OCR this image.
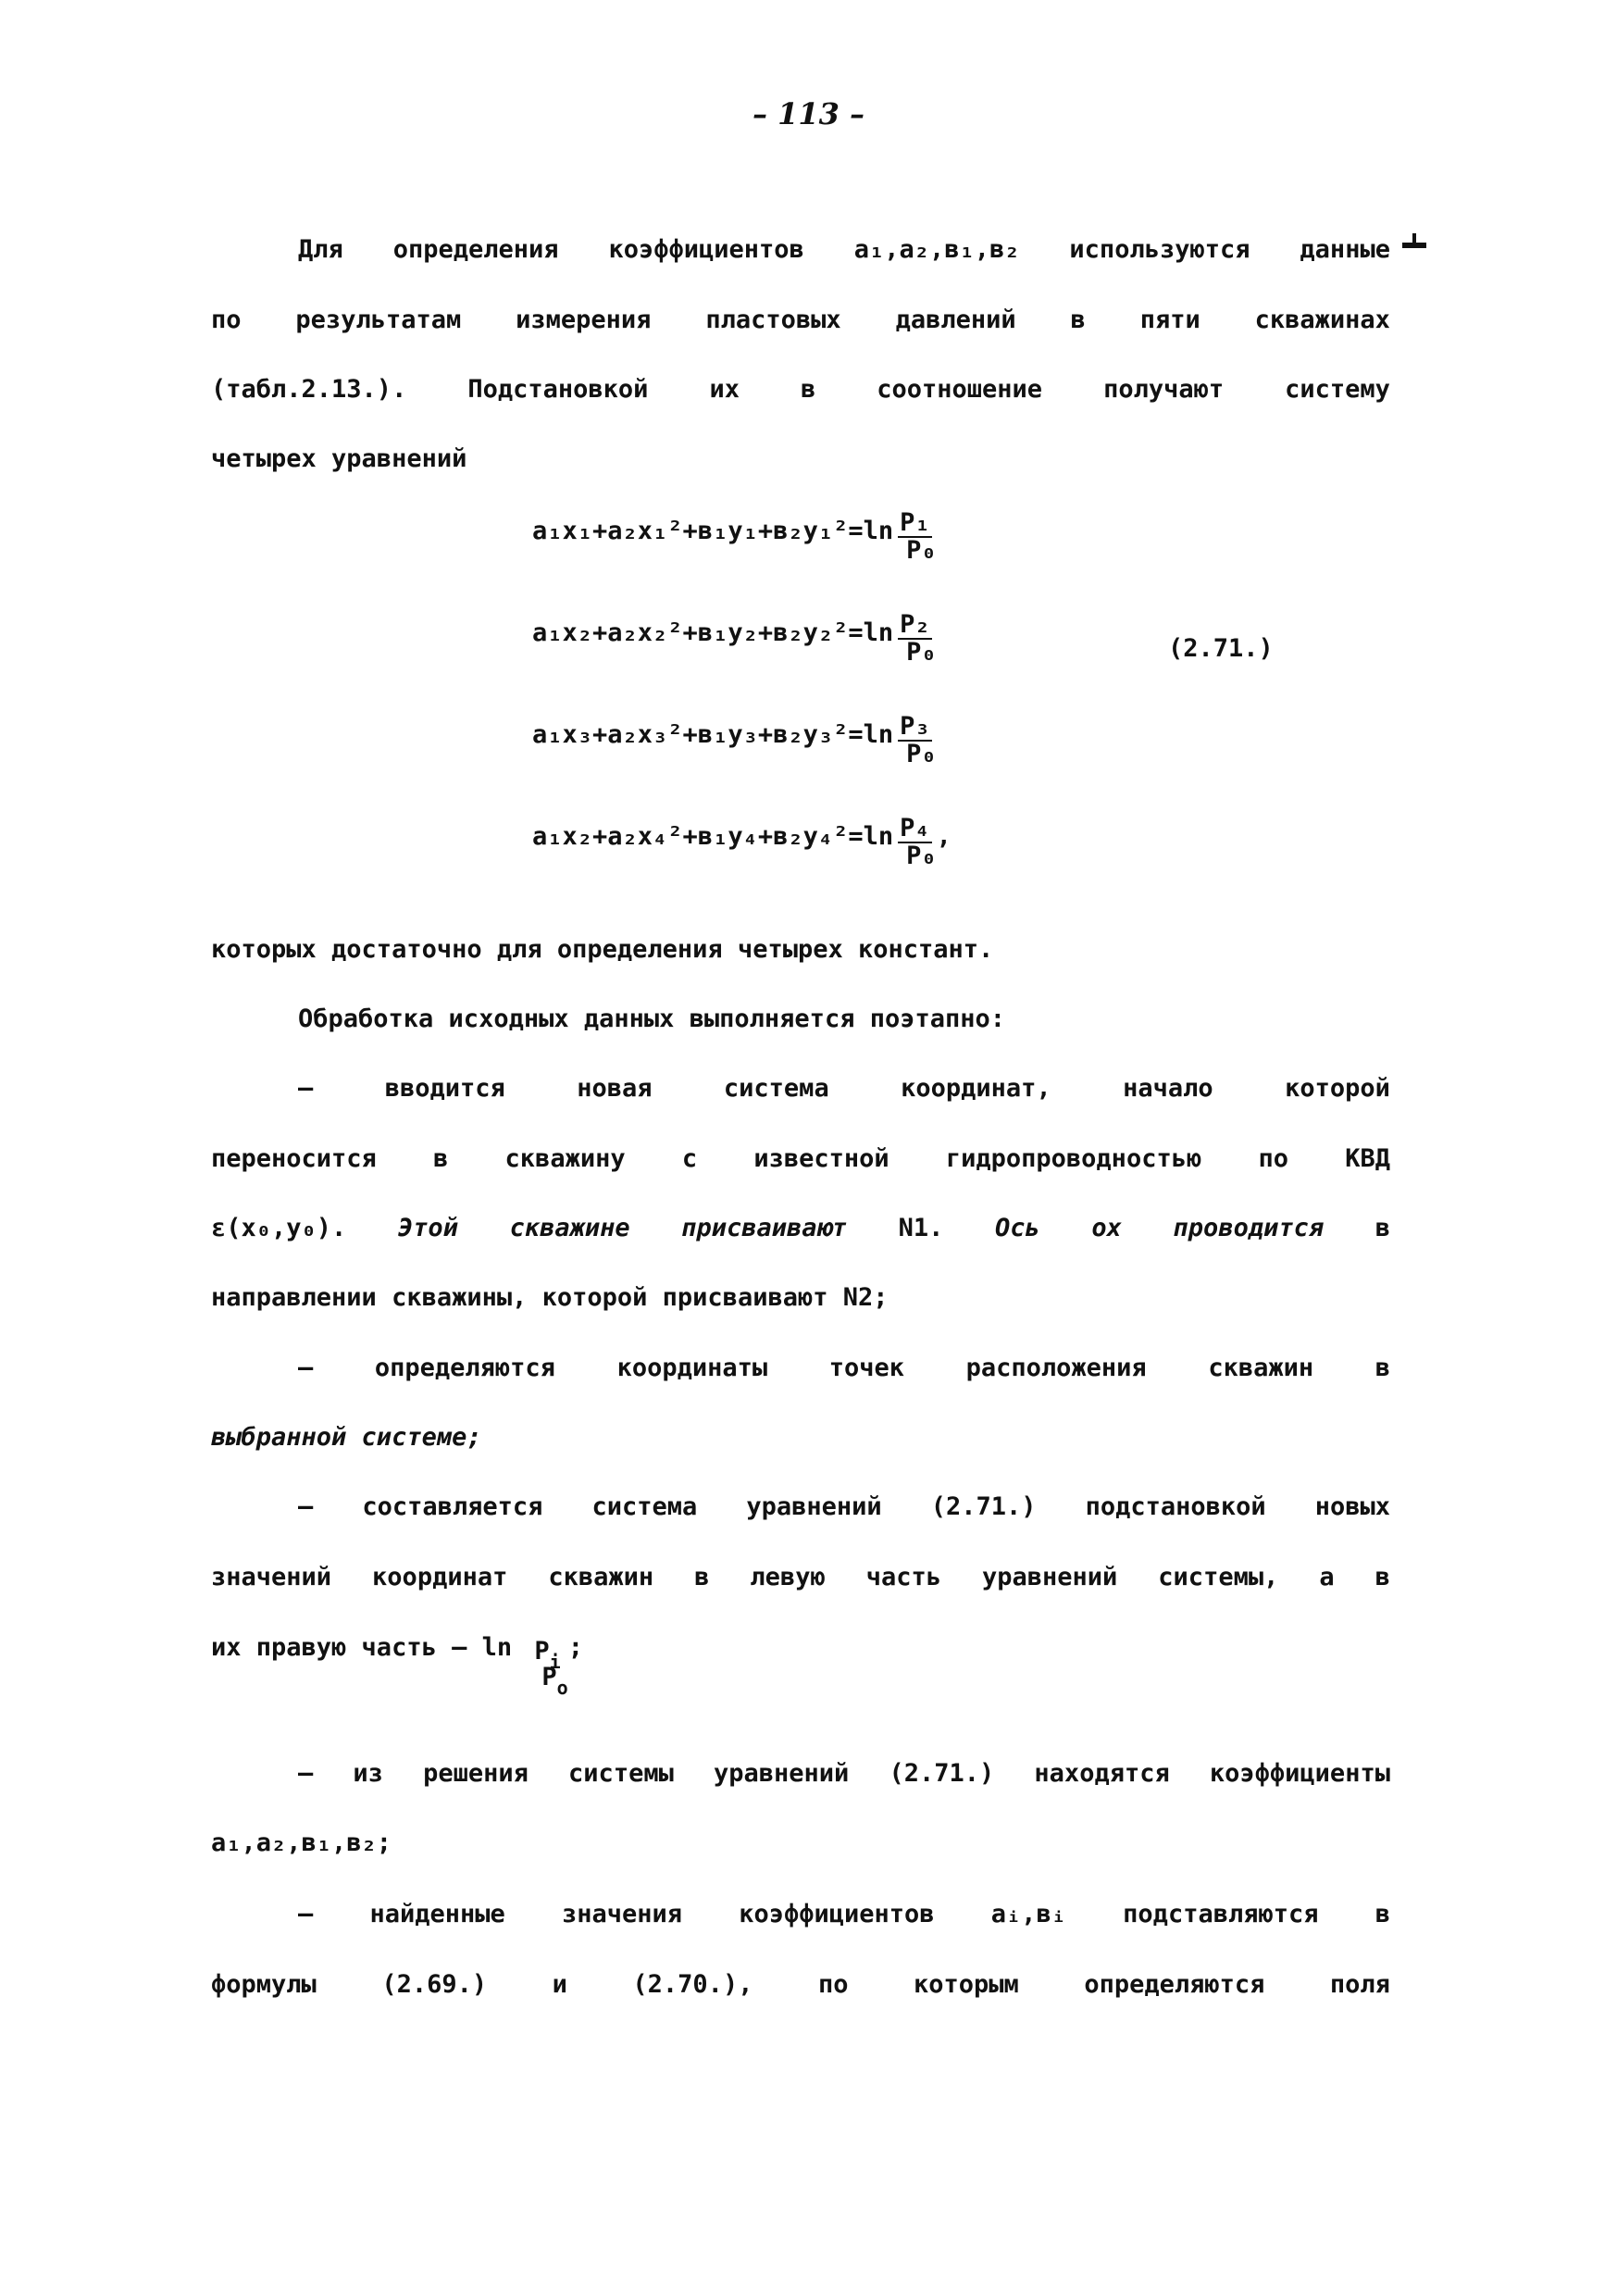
– 113 –
Для определения коэффициентов а₁,а₂,в₁,в₂ используются данные
по результатам измерения пластовых давлений в пяти скважинах
(табл.2.13.). Подстановкой их в соотношение получают систему
четырех уравнений
$a_1x_1+a_2x_1^2+в_1y_1+в_2y_1^2=\ln \frac{\text{P₁}}{\text{P₀}}$
$a_1x_2+a_2x_2^2+в_1y_2+в_2y_2^2=\ln \frac{\text{P₂}}{\text{P₀}}$
$a_1x_3+a_2x_3^2+в_1y_3+в_2y_3^2=\ln \frac{\text{P₃}}{\text{P₀}}$
$a_1x_2+a_2x_4^2+в_1y_4+в_2y_4^2=\ln \frac{\text{P₄}}{\text{P₀}}$ ,
(2.71.)
которых достаточно для определения четырех констант.
Обработка исходных данных выполняется поэтапно:
–	вводится	новая	система	координат,	начало	которой
переносится в скважину с известной гидропроводностью по КВД
ε(x₀,y₀). Этой скважине присваивают N1. Ось ох проводится в
направлении скважины, которой присваивают N2;
– определяются координаты точек расположения скважин в
выбранной системе;
– составляется система уравнений (2.71.) подстановкой новых
значений координат скважин в левую часть уравнений системы, а в
их правую часть – $\ln P_i$
$P_o$
;
– из решения системы уравнений (2.71.) находятся коэффициенты
а₁,а₂,в₁,в₂;
– найденные значения коэффициентов аᵢ,вᵢ подставляются в
формулы	(2.69.)	и	(2.70.),	по	которым	определяются	поля
